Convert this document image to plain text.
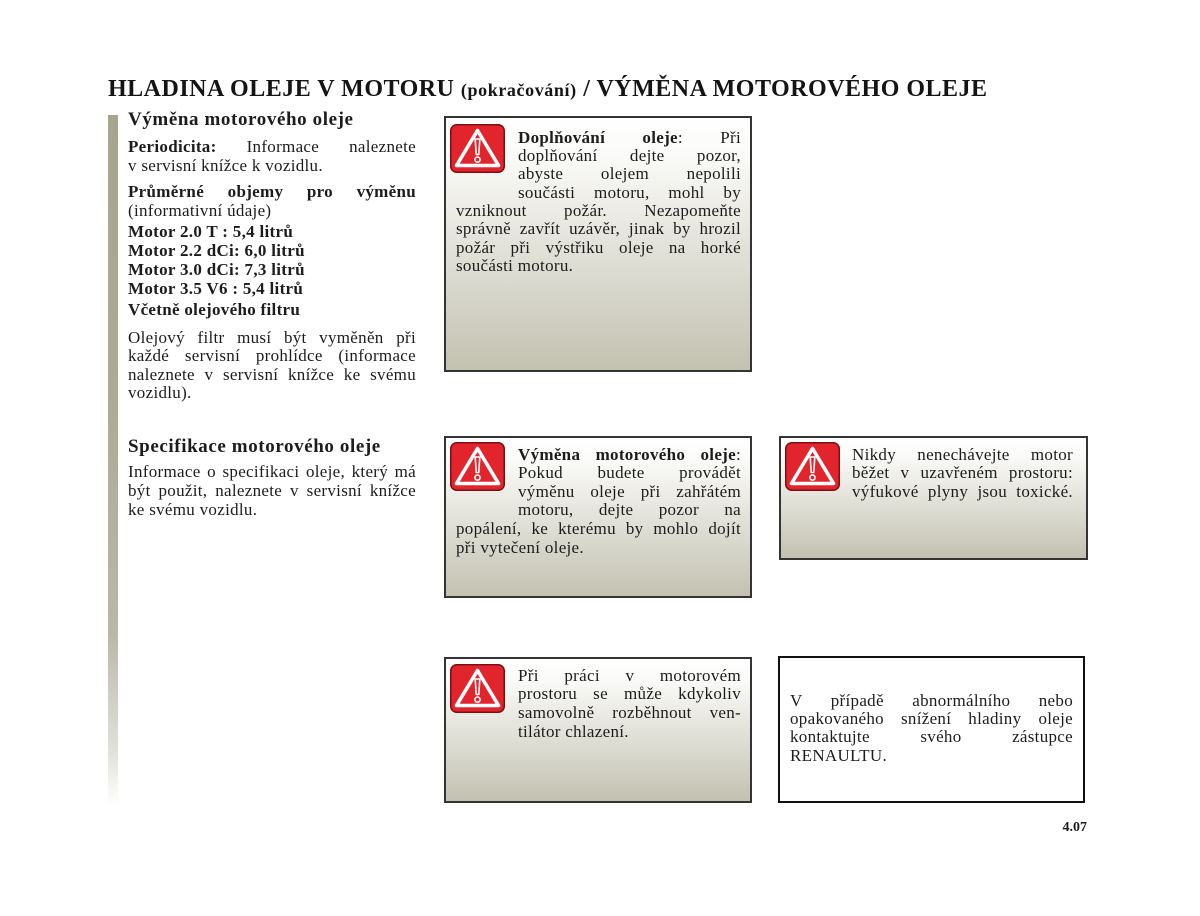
HLADINA OLEJE V MOTORU (pokračování) / VÝMĚNA MOTOROVÉHO OLEJE
Výměna motorového oleje
Periodicita: Informace naleznete
v servisní knížce k vozidlu.
Průměrné objemy pro výměnu
(informativní údaje)
Motor 2.0 T : 5,4 litrů
Motor 2.2 dCi: 6,0 litrů
Motor 3.0 dCi: 7,3 litrů
Motor 3.5 V6 : 5,4 litrů
Včetně olejového filtru
Olejový filtr musí být vyměněn při
každé servisní prohlídce (informace
naleznete v servisní knížce ke svému
vozidlu).
Specifikace motorového oleje
Informace o specifikaci oleje, který má
být použit, naleznete v servisní knížce
ke svému vozidlu.
Doplňování oleje: Při
doplňování dejte pozor,
abyste olejem nepolili
součásti motoru, mohl by
vzniknout požár. Nezapomeňte
správně zavřít uzávěr, jinak by hrozil
požár při výstřiku oleje na horké
součásti motoru.
Výměna motorového oleje:
Pokud budete provádět
výměnu oleje při zahřátém
motoru, dejte pozor na
popálení, ke kterému by mohlo dojít
při vytečení oleje.
Nikdy nenechávejte motor
běžet v uzavřeném prostoru:
výfukové plyny jsou toxické.
Při práci v motorovém
prostoru se může kdykoliv
samovolně rozběhnout ven-
tilátor chlazení.
V případě abnormálního nebo
opakovaného snížení hladiny oleje
kontaktujte svého zástupce
RENAULTU.
4.07
